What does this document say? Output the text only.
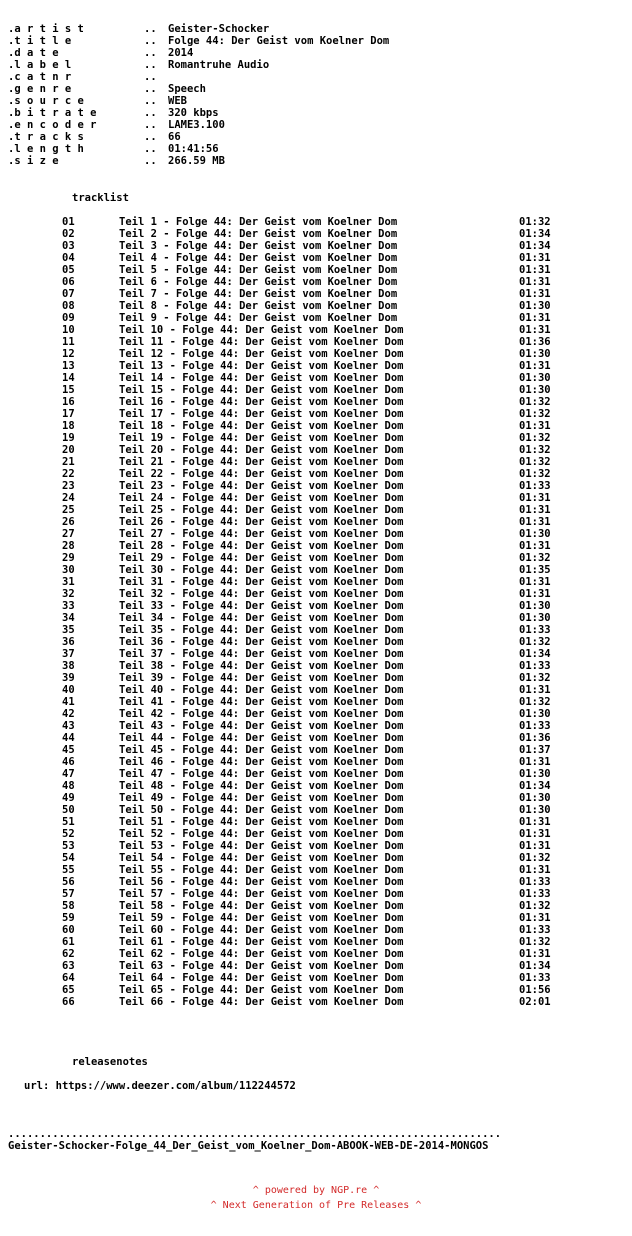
.a r t i s t	.. Geister-Schocker
.t i t l e	.. Folge 44: Der Geist vom Koelner Dom
.d a t e	.. 2014
.l a b e l	.. Romantruhe Audio
.c a t n r	..
.g e n r e	.. Speech
.s o u r c e	.. WEB
.b i t r a t e	.. 320 kbps
.e n c o d e r	.. LAME3.100
.t r a c k s	.. 66
.l e n g t h	.. 01:41:56
.s i z e	.. 266.59 MB
tracklist
01	Teil 1 - Folge 44: Der Geist vom Koelner Dom	01:32
02	Teil 2 - Folge 44: Der Geist vom Koelner Dom	01:34
03	Teil 3 - Folge 44: Der Geist vom Koelner Dom	01:34
04	Teil 4 - Folge 44: Der Geist vom Koelner Dom	01:31
05	Teil 5 - Folge 44: Der Geist vom Koelner Dom	01:31
06	Teil 6 - Folge 44: Der Geist vom Koelner Dom	01:31
07	Teil 7 - Folge 44: Der Geist vom Koelner Dom	01:31
08	Teil 8 - Folge 44: Der Geist vom Koelner Dom	01:30
09	Teil 9 - Folge 44: Der Geist vom Koelner Dom	01:31
10	Teil 10 - Folge 44: Der Geist vom Koelner Dom	01:31
11	Teil 11 - Folge 44: Der Geist vom Koelner Dom	01:36
12	Teil 12 - Folge 44: Der Geist vom Koelner Dom	01:30
13	Teil 13 - Folge 44: Der Geist vom Koelner Dom	01:31
14	Teil 14 - Folge 44: Der Geist vom Koelner Dom	01:30
15	Teil 15 - Folge 44: Der Geist vom Koelner Dom	01:30
16	Teil 16 - Folge 44: Der Geist vom Koelner Dom	01:32
17	Teil 17 - Folge 44: Der Geist vom Koelner Dom	01:32
18	Teil 18 - Folge 44: Der Geist vom Koelner Dom	01:31
19	Teil 19 - Folge 44: Der Geist vom Koelner Dom	01:32
20	Teil 20 - Folge 44: Der Geist vom Koelner Dom	01:32
21	Teil 21 - Folge 44: Der Geist vom Koelner Dom	01:32
22	Teil 22 - Folge 44: Der Geist vom Koelner Dom	01:32
23	Teil 23 - Folge 44: Der Geist vom Koelner Dom	01:33
24	Teil 24 - Folge 44: Der Geist vom Koelner Dom	01:31
25	Teil 25 - Folge 44: Der Geist vom Koelner Dom	01:31
26	Teil 26 - Folge 44: Der Geist vom Koelner Dom	01:31
27	Teil 27 - Folge 44: Der Geist vom Koelner Dom	01:30
28	Teil 28 - Folge 44: Der Geist vom Koelner Dom	01:31
29	Teil 29 - Folge 44: Der Geist vom Koelner Dom	01:32
30	Teil 30 - Folge 44: Der Geist vom Koelner Dom	01:35
31	Teil 31 - Folge 44: Der Geist vom Koelner Dom	01:31
32	Teil 32 - Folge 44: Der Geist vom Koelner Dom	01:31
33	Teil 33 - Folge 44: Der Geist vom Koelner Dom	01:30
34	Teil 34 - Folge 44: Der Geist vom Koelner Dom	01:30
35	Teil 35 - Folge 44: Der Geist vom Koelner Dom	01:33
36	Teil 36 - Folge 44: Der Geist vom Koelner Dom	01:32
37	Teil 37 - Folge 44: Der Geist vom Koelner Dom	01:34
38	Teil 38 - Folge 44: Der Geist vom Koelner Dom	01:33
39	Teil 39 - Folge 44: Der Geist vom Koelner Dom	01:32
40	Teil 40 - Folge 44: Der Geist vom Koelner Dom	01:31
41	Teil 41 - Folge 44: Der Geist vom Koelner Dom	01:32
42	Teil 42 - Folge 44: Der Geist vom Koelner Dom	01:30
43	Teil 43 - Folge 44: Der Geist vom Koelner Dom	01:33
44	Teil 44 - Folge 44: Der Geist vom Koelner Dom	01:36
45	Teil 45 - Folge 44: Der Geist vom Koelner Dom	01:37
46	Teil 46 - Folge 44: Der Geist vom Koelner Dom	01:31
47	Teil 47 - Folge 44: Der Geist vom Koelner Dom	01:30
48	Teil 48 - Folge 44: Der Geist vom Koelner Dom	01:34
49	Teil 49 - Folge 44: Der Geist vom Koelner Dom	01:30
50	Teil 50 - Folge 44: Der Geist vom Koelner Dom	01:30
51	Teil 51 - Folge 44: Der Geist vom Koelner Dom	01:31
52	Teil 52 - Folge 44: Der Geist vom Koelner Dom	01:31
53	Teil 53 - Folge 44: Der Geist vom Koelner Dom	01:31
54	Teil 54 - Folge 44: Der Geist vom Koelner Dom	01:32
55	Teil 55 - Folge 44: Der Geist vom Koelner Dom	01:31
56	Teil 56 - Folge 44: Der Geist vom Koelner Dom	01:33
57	Teil 57 - Folge 44: Der Geist vom Koelner Dom	01:33
58	Teil 58 - Folge 44: Der Geist vom Koelner Dom	01:32
59	Teil 59 - Folge 44: Der Geist vom Koelner Dom	01:31
60	Teil 60 - Folge 44: Der Geist vom Koelner Dom	01:33
61	Teil 61 - Folge 44: Der Geist vom Koelner Dom	01:32
62	Teil 62 - Folge 44: Der Geist vom Koelner Dom	01:31
63	Teil 63 - Folge 44: Der Geist vom Koelner Dom	01:34
64	Teil 64 - Folge 44: Der Geist vom Koelner Dom	01:33
65	Teil 65 - Folge 44: Der Geist vom Koelner Dom	01:56
66	Teil 66 - Folge 44: Der Geist vom Koelner Dom	02:01
releasenotes
url: https://www.deezer.com/album/112244572
..............................................................................
Geister-Schocker-Folge_44_Der_Geist_vom_Koelner_Dom-ABOOK-WEB-DE-2014-MONGOS
^ powered by NGP.re ^
^ Next Generation of Pre Releases ^
